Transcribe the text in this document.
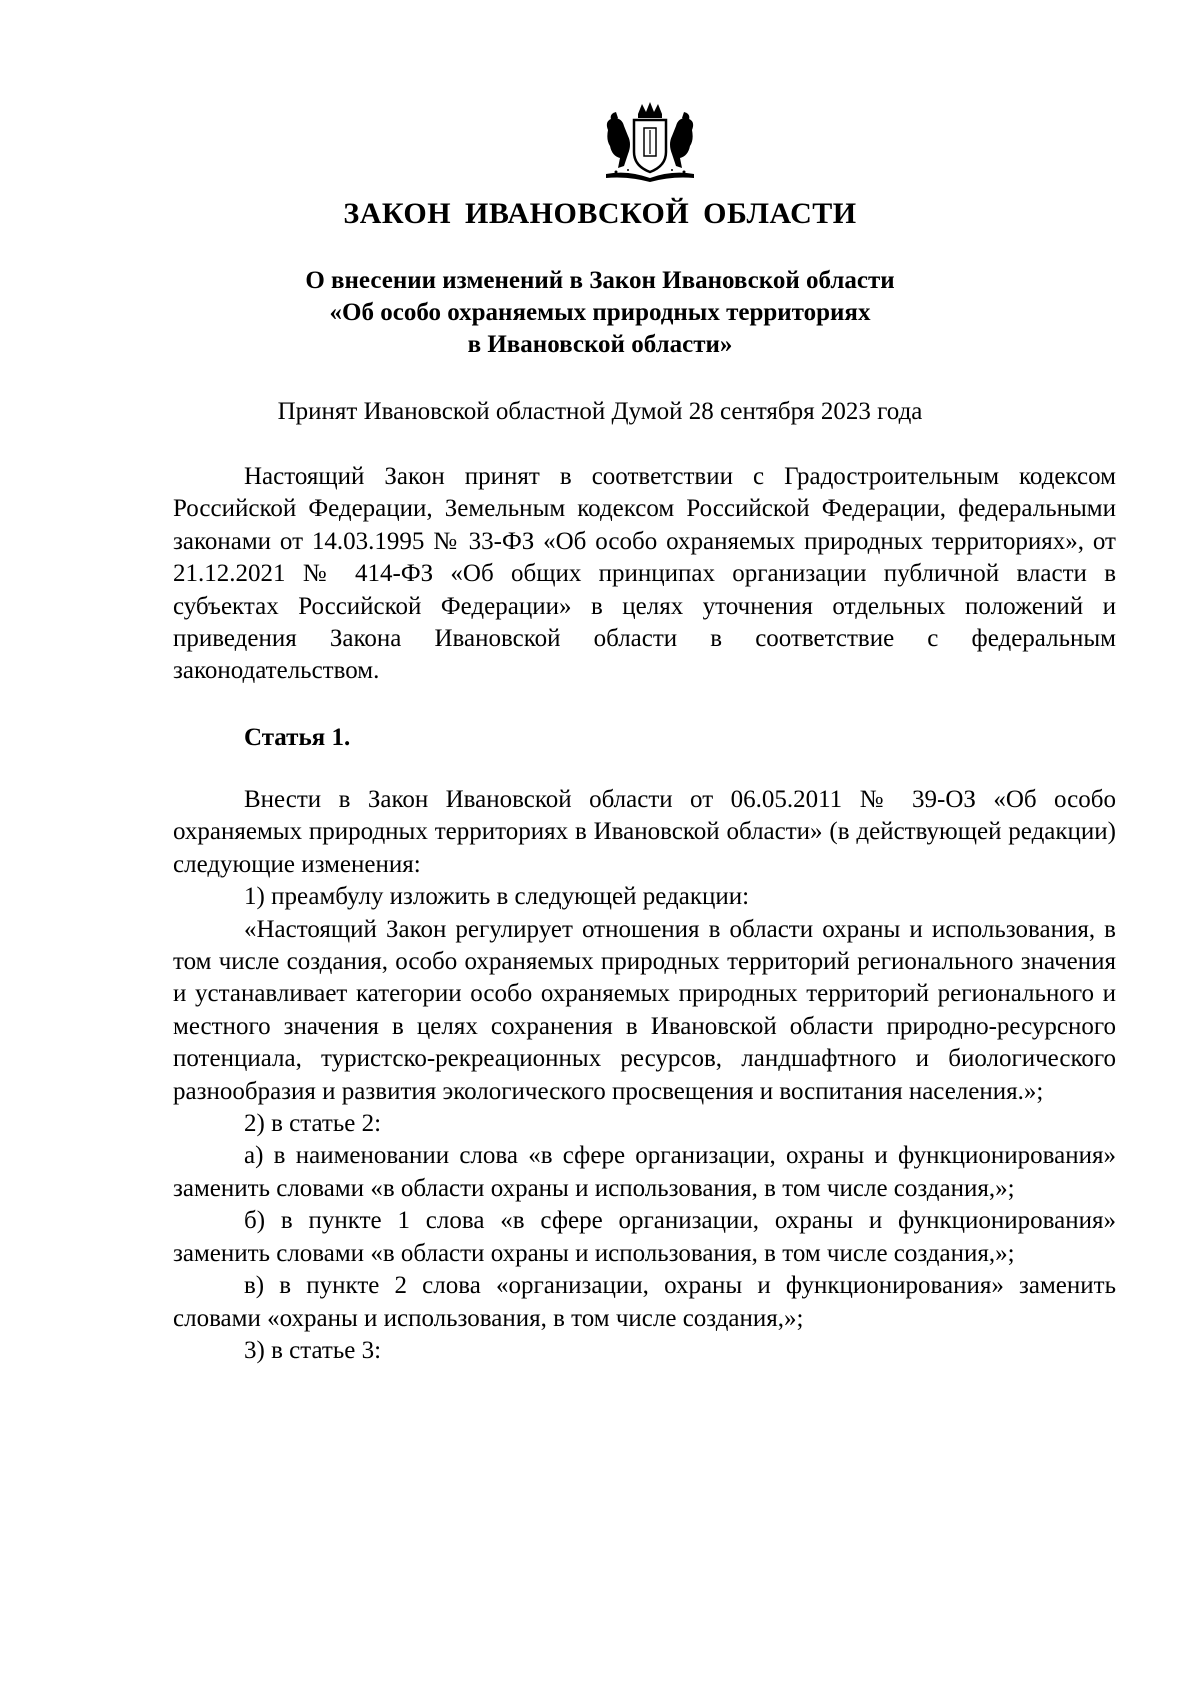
ЗАКОН ИВАНОВСКОЙ ОБЛАСТИ
О внесении изменений в Закон Ивановской области
«Об особо охраняемых природных территориях
в Ивановской области»
Принят Ивановской областной Думой 28 сентября 2023 года

Настоящий Закон принят в соответствии с Градостроительным кодексом Российской Федерации, Земельным кодексом Российской Федерации, федеральными законами от 14.03.1995 № 33-ФЗ «Об особо охраняемых природных территориях», от 21.12.2021 № 414-ФЗ «Об общих принципах организации публичной власти в субъектах Российской Федерации» в целях уточнения отдельных положений и приведения Закона Ивановской области в соответствие с федеральным законодательством.

Статья 1.

Внести в Закон Ивановской области от 06.05.2011 № 39-ОЗ «Об особо охраняемых природных территориях в Ивановской области» (в действующей редакции) следующие изменения:

1) преамбулу изложить в следующей редакции:

«Настоящий Закон регулирует отношения в области охраны и использования, в том числе создания, особо охраняемых природных территорий регионального значения и устанавливает категории особо охраняемых природных территорий регионального и местного значения в целях сохранения в Ивановской области природно-ресурсного потенциала, туристско-рекреационных ресурсов, ландшафтного и биологического разнообразия и развития экологического просвещения и воспитания населения.»;

2) в статье 2:

а) в наименовании слова «в сфере организации, охраны и функционирования» заменить словами «в области охраны и использования, в том числе создания,»;

б) в пункте 1 слова «в сфере организации, охраны и функционирования» заменить словами «в области охраны и использования, в том числе создания,»;

в) в пункте 2 слова «организации, охраны и функционирования» заменить словами «охраны и использования, в том числе создания,»;

3) в статье 3:
